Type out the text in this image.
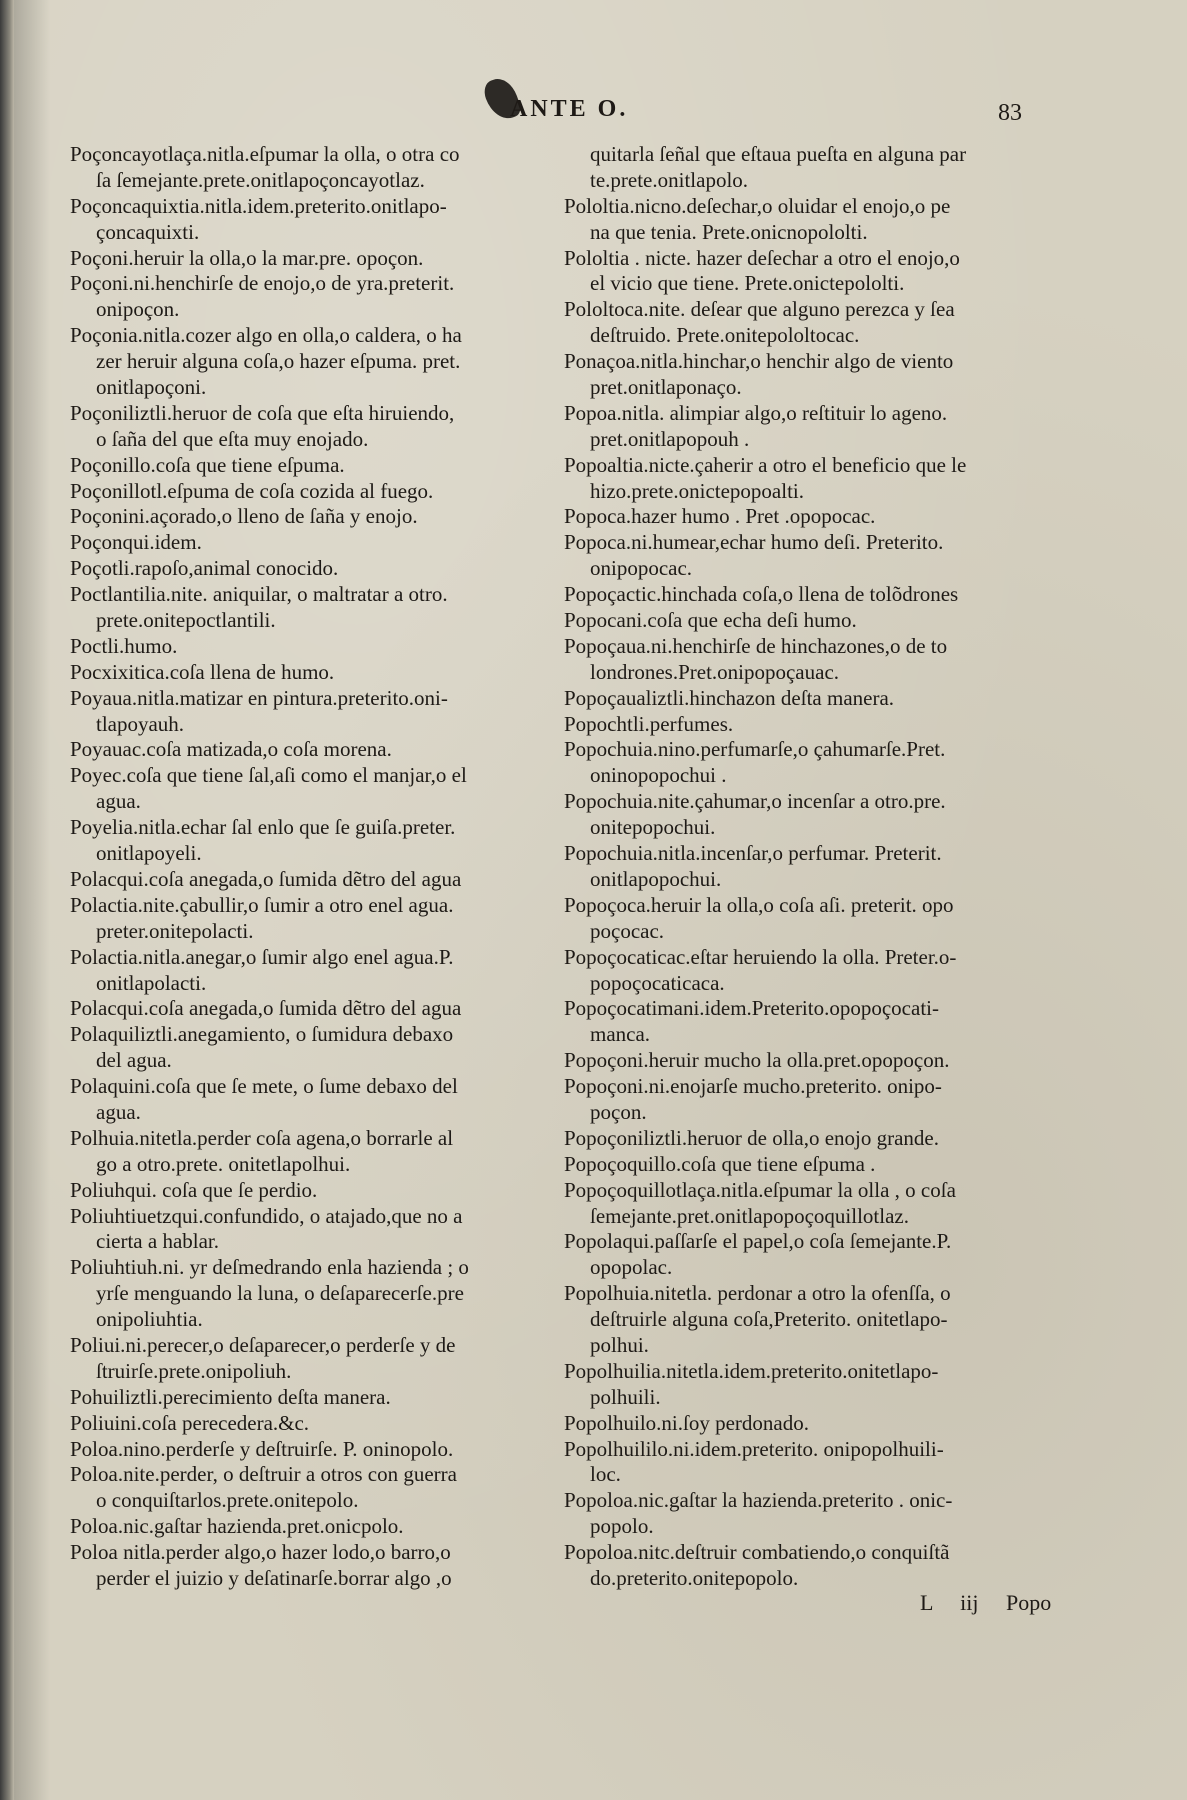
ANTE O.	83
Poçoncayotlaça.nitla.eſpumar la olla, o otra co
ſa ſemejante.prete.onitlapoçoncayotlaz.
Poçoncaquixtia.nitla.idem.preterito.onitlapo-
çoncaquixti.
Poçoni.heruir la olla,o la mar.pre. opoçon.
Poçoni.ni.henchirſe de enojo,o de yra.preterit.
onipoçon.
Poçonia.nitla.cozer algo en olla,o caldera, o ha
zer heruir alguna coſa,o hazer eſpuma. pret.
onitlapoçoni.
Poçoniliztli.heruor de coſa que eſta hiruiendo,
o ſaña del que eſta muy enojado.
Poçonillo.coſa que tiene eſpuma.
Poçonillotl.eſpuma de coſa cozida al fuego.
Poçonini.açorado,o lleno de ſaña y enojo.
Poçonqui.idem.
Poçotli.rapoſo,animal conocido.
Poctlantilia.nite. aniquilar, o maltratar a otro.
prete.onitepoctlantili.
Poctli.humo.
Pocxixitica.coſa llena de humo.
Poyaua.nitla.matizar en pintura.preterito.oni-
tlapoyauh.
Poyauac.coſa matizada,o coſa morena.
Poyec.coſa que tiene ſal,aſi como el manjar,o el
agua.
Poyelia.nitla.echar ſal enlo que ſe guiſa.preter.
onitlapoyeli.
Polacqui.coſa anegada,o ſumida dẽtro del agua
Polactia.nite.çabullir,o ſumir a otro enel agua.
preter.onitepolacti.
Polactia.nitla.anegar,o ſumir algo enel agua.P.
onitlapolacti.
Polacqui.coſa anegada,o ſumida dẽtro del agua
Polaquiliztli.anegamiento, o ſumidura debaxo
del agua.
Polaquini.coſa que ſe mete, o ſume debaxo del
agua.
Polhuia.nitetla.perder coſa agena,o borrarle al
go a otro.prete. onitetlapolhui.
Poliuhqui. coſa que ſe perdio.
Poliuhtiuetzqui.confundido, o atajado,que no a
cierta a hablar.
Poliuhtiuh.ni. yr deſmedrando enla hazienda ; o
yrſe menguando la luna, o deſaparecerſe.pre
onipoliuhtia.
Poliui.ni.perecer,o deſaparecer,o perderſe y de
ſtruirſe.prete.onipoliuh.
Pohuiliztli.perecimiento deſta manera.
Poliuini.coſa perecedera.&c.
Poloa.nino.perderſe y deſtruirſe. P. oninopolo.
Poloa.nite.perder, o deſtruir a otros con guerra
o conquiſtarlos.prete.onitepolo.
Poloa.nic.gaſtar hazienda.pret.onicpolo.
Poloa nitla.perder algo,o hazer lodo,o barro,o
perder el juizio y deſatinarſe.borrar algo ,o
quitarla ſeñal que eſtaua pueſta en alguna par
te.prete.onitlapolo.
Pololtia.nicno.deſechar,o oluidar el enojo,o pe
na que tenia. Prete.onicnopololti.
Pololtia . nicte. hazer deſechar a otro el enojo,o
el vicio que tiene. Prete.onictepololti.
Pololtoca.nite. deſear que alguno perezca y ſea
deſtruido. Prete.onitepololtocac.
Ponaçoa.nitla.hinchar,o henchir algo de viento
pret.onitlaponaço.
Popoa.nitla. alimpiar algo,o reſtituir lo ageno.
pret.onitlapopouh .
Popoaltia.nicte.çaherir a otro el beneficio que le
hizo.prete.onictepopoalti.
Popoca.hazer humo . Pret .opopocac.
Popoca.ni.humear,echar humo deſi. Preterito.
onipopocac.
Popoçactic.hinchada coſa,o llena de tolõdrones
Popocani.coſa que echa deſi humo.
Popoçaua.ni.henchirſe de hinchazones,o de to
londrones.Pret.onipopoçauac.
Popoçaualiztli.hinchazon deſta manera.
Popochtli.perfumes.
Popochuia.nino.perfumarſe,o çahumarſe.Pret.
oninopopochui .
Popochuia.nite.çahumar,o incenſar a otro.pre.
onitepopochui.
Popochuia.nitla.incenſar,o perfumar. Preterit.
onitlapopochui.
Popoçoca.heruir la olla,o coſa aſi. preterit. opo
poçocac.
Popoçocaticac.eſtar heruiendo la olla. Preter.o-
popoçocaticaca.
Popoçocatimani.idem.Preterito.opopoçocati-
manca.
Popoçoni.heruir mucho la olla.pret.opopoçon.
Popoçoni.ni.enojarſe mucho.preterito. onipo-
poçon.
Popoçoniliztli.heruor de olla,o enojo grande.
Popoçoquillo.coſa que tiene eſpuma .
Popoçoquillotlaça.nitla.eſpumar la olla , o coſa
ſemejante.pret.onitlapopoçoquillotlaz.
Popolaqui.paſſarſe el papel,o coſa ſemejante.P.
opopolac.
Popolhuia.nitetla. perdonar a otro la ofenſſa, o
deſtruirle alguna coſa,Preterito. onitetlapo-
polhui.
Popolhuilia.nitetla.idem.preterito.onitetlapo-
polhuili.
Popolhuilo.ni.ſoy perdonado.
Popolhuililo.ni.idem.preterito. onipopolhuili-
loc.
Popoloa.nic.gaſtar la hazienda.preterito . onic-
popolo.
Popoloa.nitc.deſtruir combatiendo,o conquiſtã
do.preterito.onitepopolo.
L iij Popo
